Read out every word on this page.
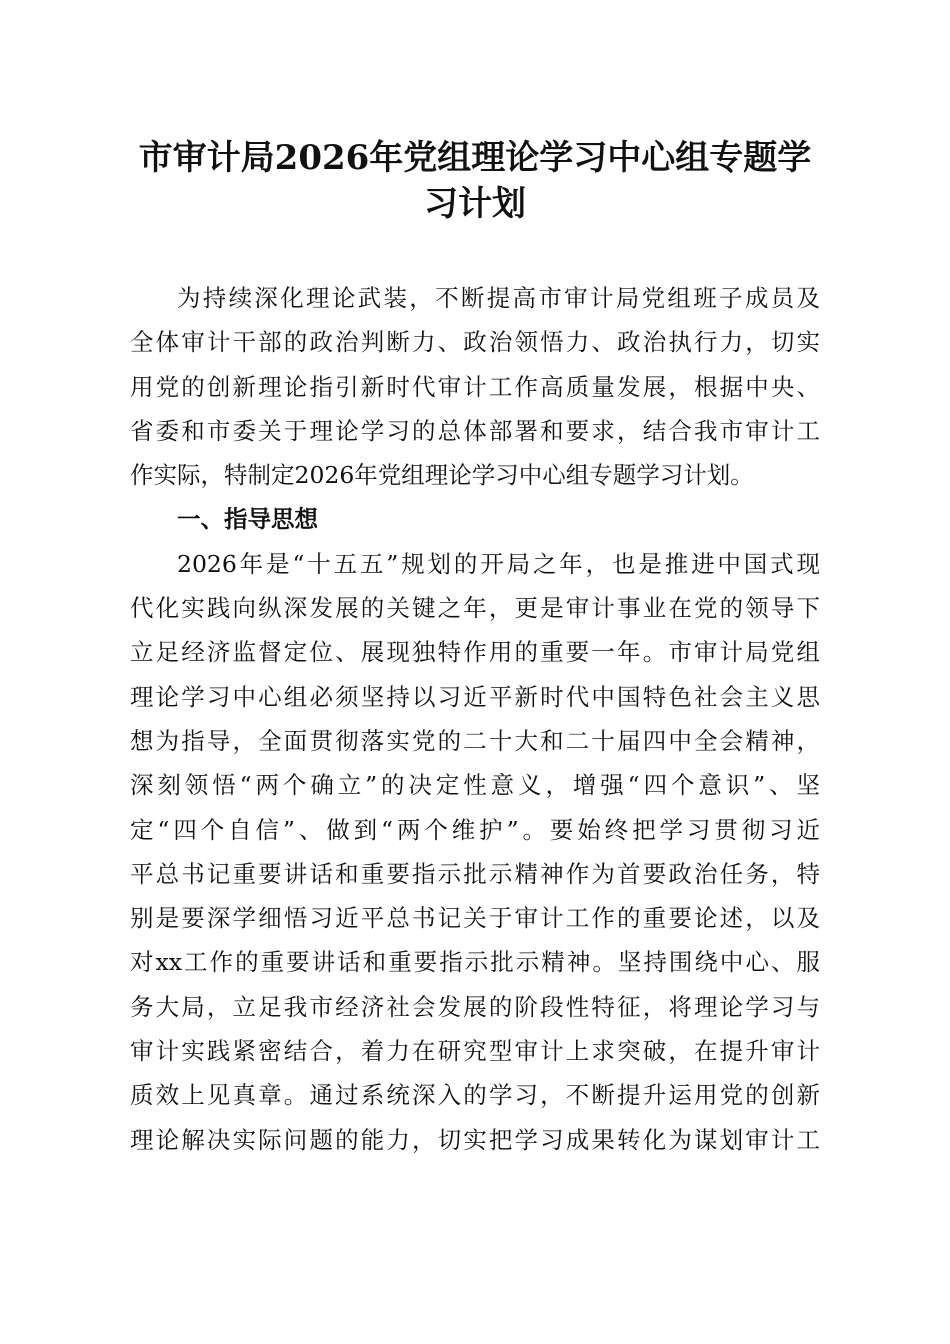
市审计局2026年党组理论学习中心组专题学
习计划
为持续深化理论武装，不断提高市审计局党组班子成员及
全体审计干部的政治判断力、政治领悟力、政治执行力，切实
用党的创新理论指引新时代审计工作高质量发展，根据中央、
省委和市委关于理论学习的总体部署和要求，结合我市审计工
作实际，特制定2026年党组理论学习中心组专题学习计划。
一、指导思想
2026年是“十五五”规划的开局之年，也是推进中国式现
代化实践向纵深发展的关键之年，更是审计事业在党的领导下
立足经济监督定位、展现独特作用的重要一年。市审计局党组
理论学习中心组必须坚持以习近平新时代中国特色社会主义思
想为指导，全面贯彻落实党的二十大和二十届四中全会精神，
深刻领悟“两个确立”的决定性意义，增强“四个意识”、坚
定“四个自信”、做到“两个维护”。要始终把学习贯彻习近
平总书记重要讲话和重要指示批示精神作为首要政治任务，特
别是要深学细悟习近平总书记关于审计工作的重要论述，以及
对xx工作的重要讲话和重要指示批示精神。坚持围绕中心、服
务大局，立足我市经济社会发展的阶段性特征，将理论学习与
审计实践紧密结合，着力在研究型审计上求突破，在提升审计
质效上见真章。通过系统深入的学习，不断提升运用党的创新
理论解决实际问题的能力，切实把学习成果转化为谋划审计工
